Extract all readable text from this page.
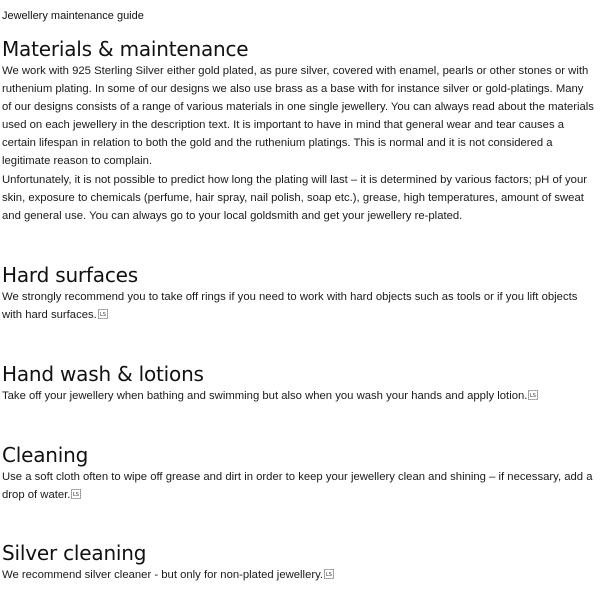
Jewellery maintenance guide
Materials & maintenance

We work with 925 Sterling Silver either gold plated, as pure silver, covered with enamel, pearls or other stones or with ruthenium plating. In some of our designs we also use brass as a base with for instance silver or gold-platings. Many of our designs consists of a range of various materials in one single jewellery. You can always read about the materials used on each jewellery in the description text. It is important to have in mind that general wear and tear causes a certain lifespan in relation to both the gold and the ruthenium platings. This is normal and it is not considered a legitimate reason to complain.

Unfortunately, it is not possible to predict how long the plating will last – it is determined by various factors; pH of your skin, exposure to chemicals (perfume, hair spray, nail polish, soap etc.), grease, high temperatures, amount of sweat and general use. You can always go to your local goldsmith and get your jewellery re-plated.

Hard surfaces

We strongly recommend you to take off rings if you need to work with hard objects such as tools or if you lift objects with hard surfaces. LS

Hand wash & lotions

Take off your jewellery when bathing and swimming but also when you wash your hands and apply lotion. LS

Cleaning

Use a soft cloth often to wipe off grease and dirt in order to keep your jewellery clean and shining – if necessary, add a drop of water. LS

Silver cleaning

We recommend silver cleaner - but only for non-plated jewellery. LS
